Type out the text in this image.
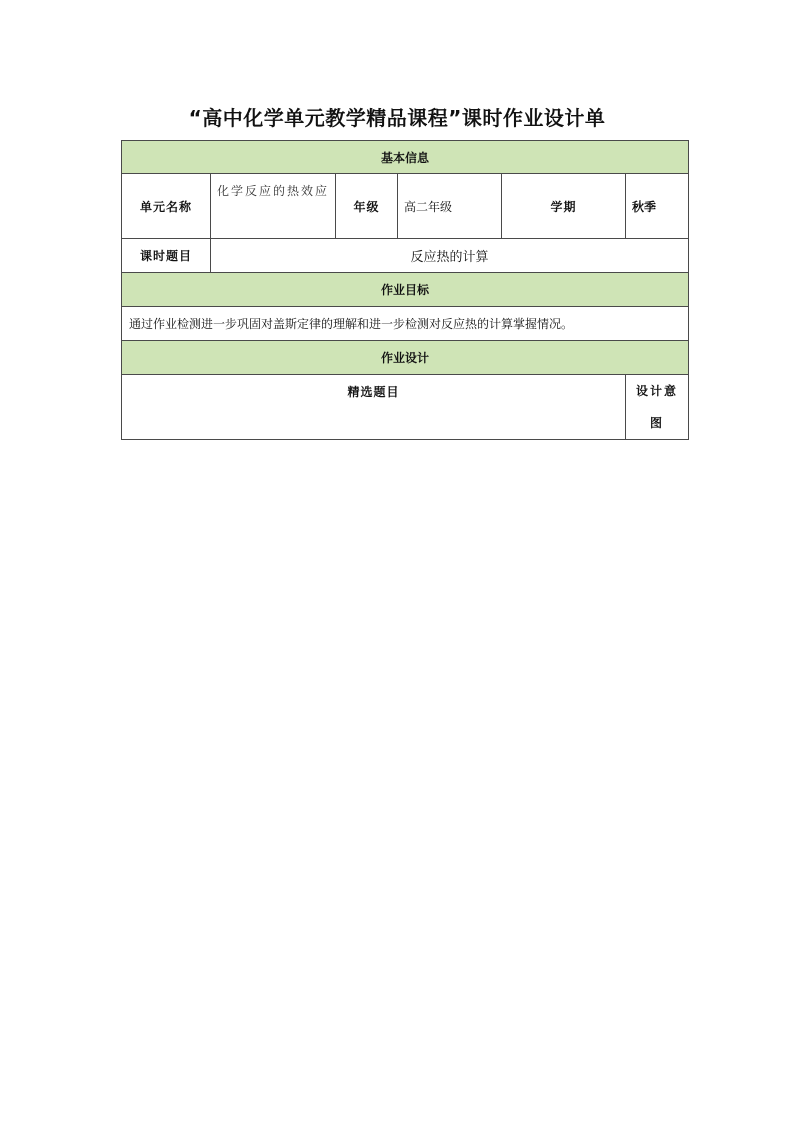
“高中化学单元教学精品课程”课时作业设计单
基本信息					
单元名称	化学反应的热效应	年级	高二年级	学期	秋季
课时题目	反应热的计算				
作业目标					
通过作业检测进一步巩固对盖斯定律的理解和进一步检测对反应热的计算掌握情况。					
作业设计					
精选题目					设计意图
